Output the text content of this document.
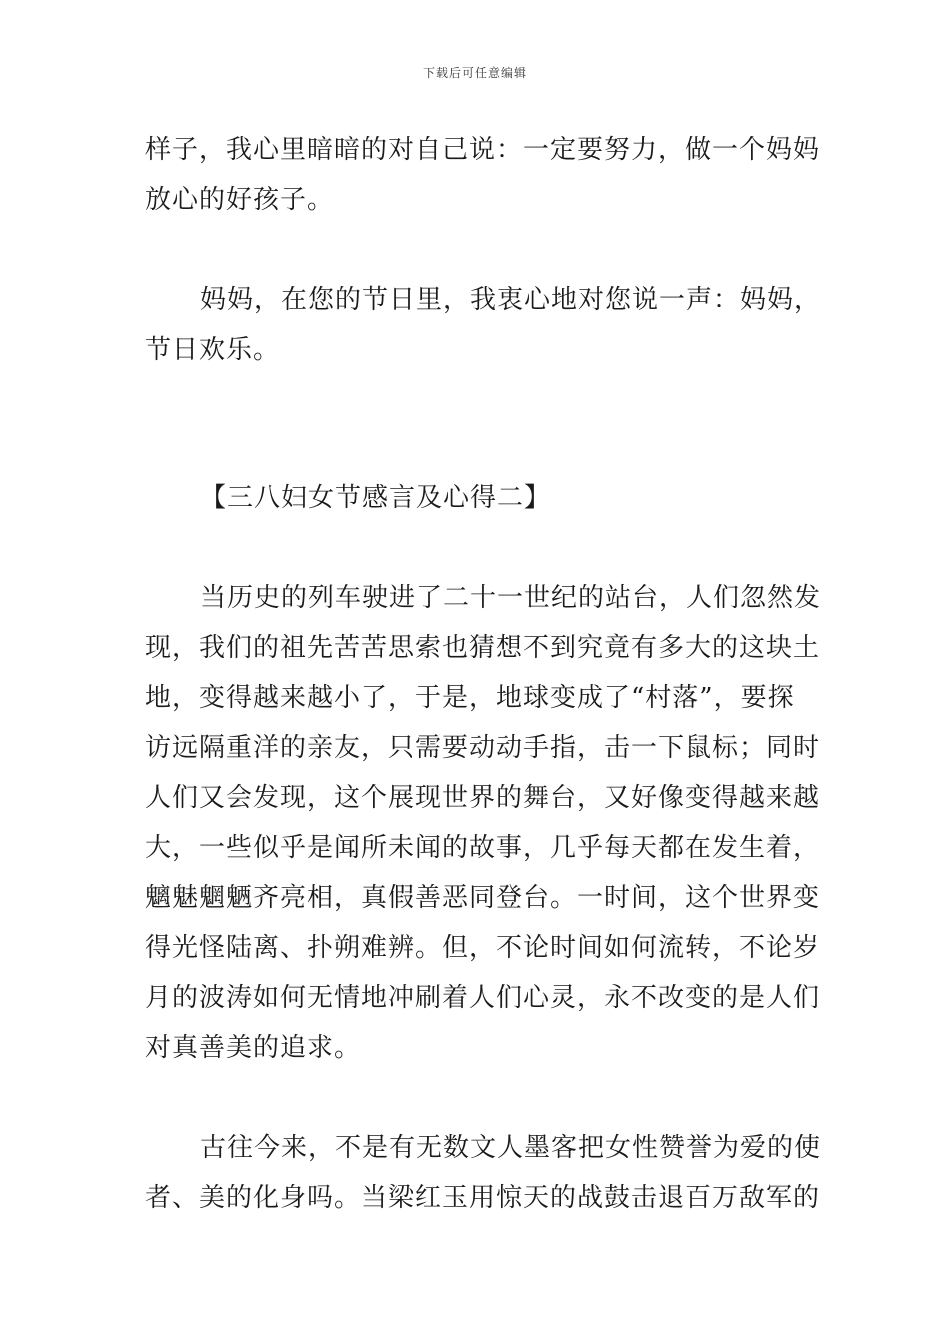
下载后可任意编辑
样子，我心里暗暗的对自己说：一定要努力，做一个妈妈
放心的好孩子。
妈妈，在您的节日里，我衷心地对您说一声：妈妈，
节日欢乐。
【三八妇女节感言及心得二】
当历史的列车驶进了二十一世纪的站台，人们忽然发
现，我们的祖先苦苦思索也猜想不到究竟有多大的这块土
地，变得越来越小了，于是，地球变成了“村落”，要探
访远隔重洋的亲友，只需要动动手指，击一下鼠标；同时
人们又会发现，这个展现世界的舞台，又好像变得越来越
大，一些似乎是闻所未闻的故事，几乎每天都在发生着，
魑魅魍魉齐亮相，真假善恶同登台。一时间，这个世界变
得光怪陆离、扑朔难辨。但，不论时间如何流转，不论岁
月的波涛如何无情地冲刷着人们心灵，永不改变的是人们
对真善美的追求。
古往今来，不是有无数文人墨客把女性赞誉为爱的使
者、美的化身吗。当梁红玉用惊天的战鼓击退百万敌军的
